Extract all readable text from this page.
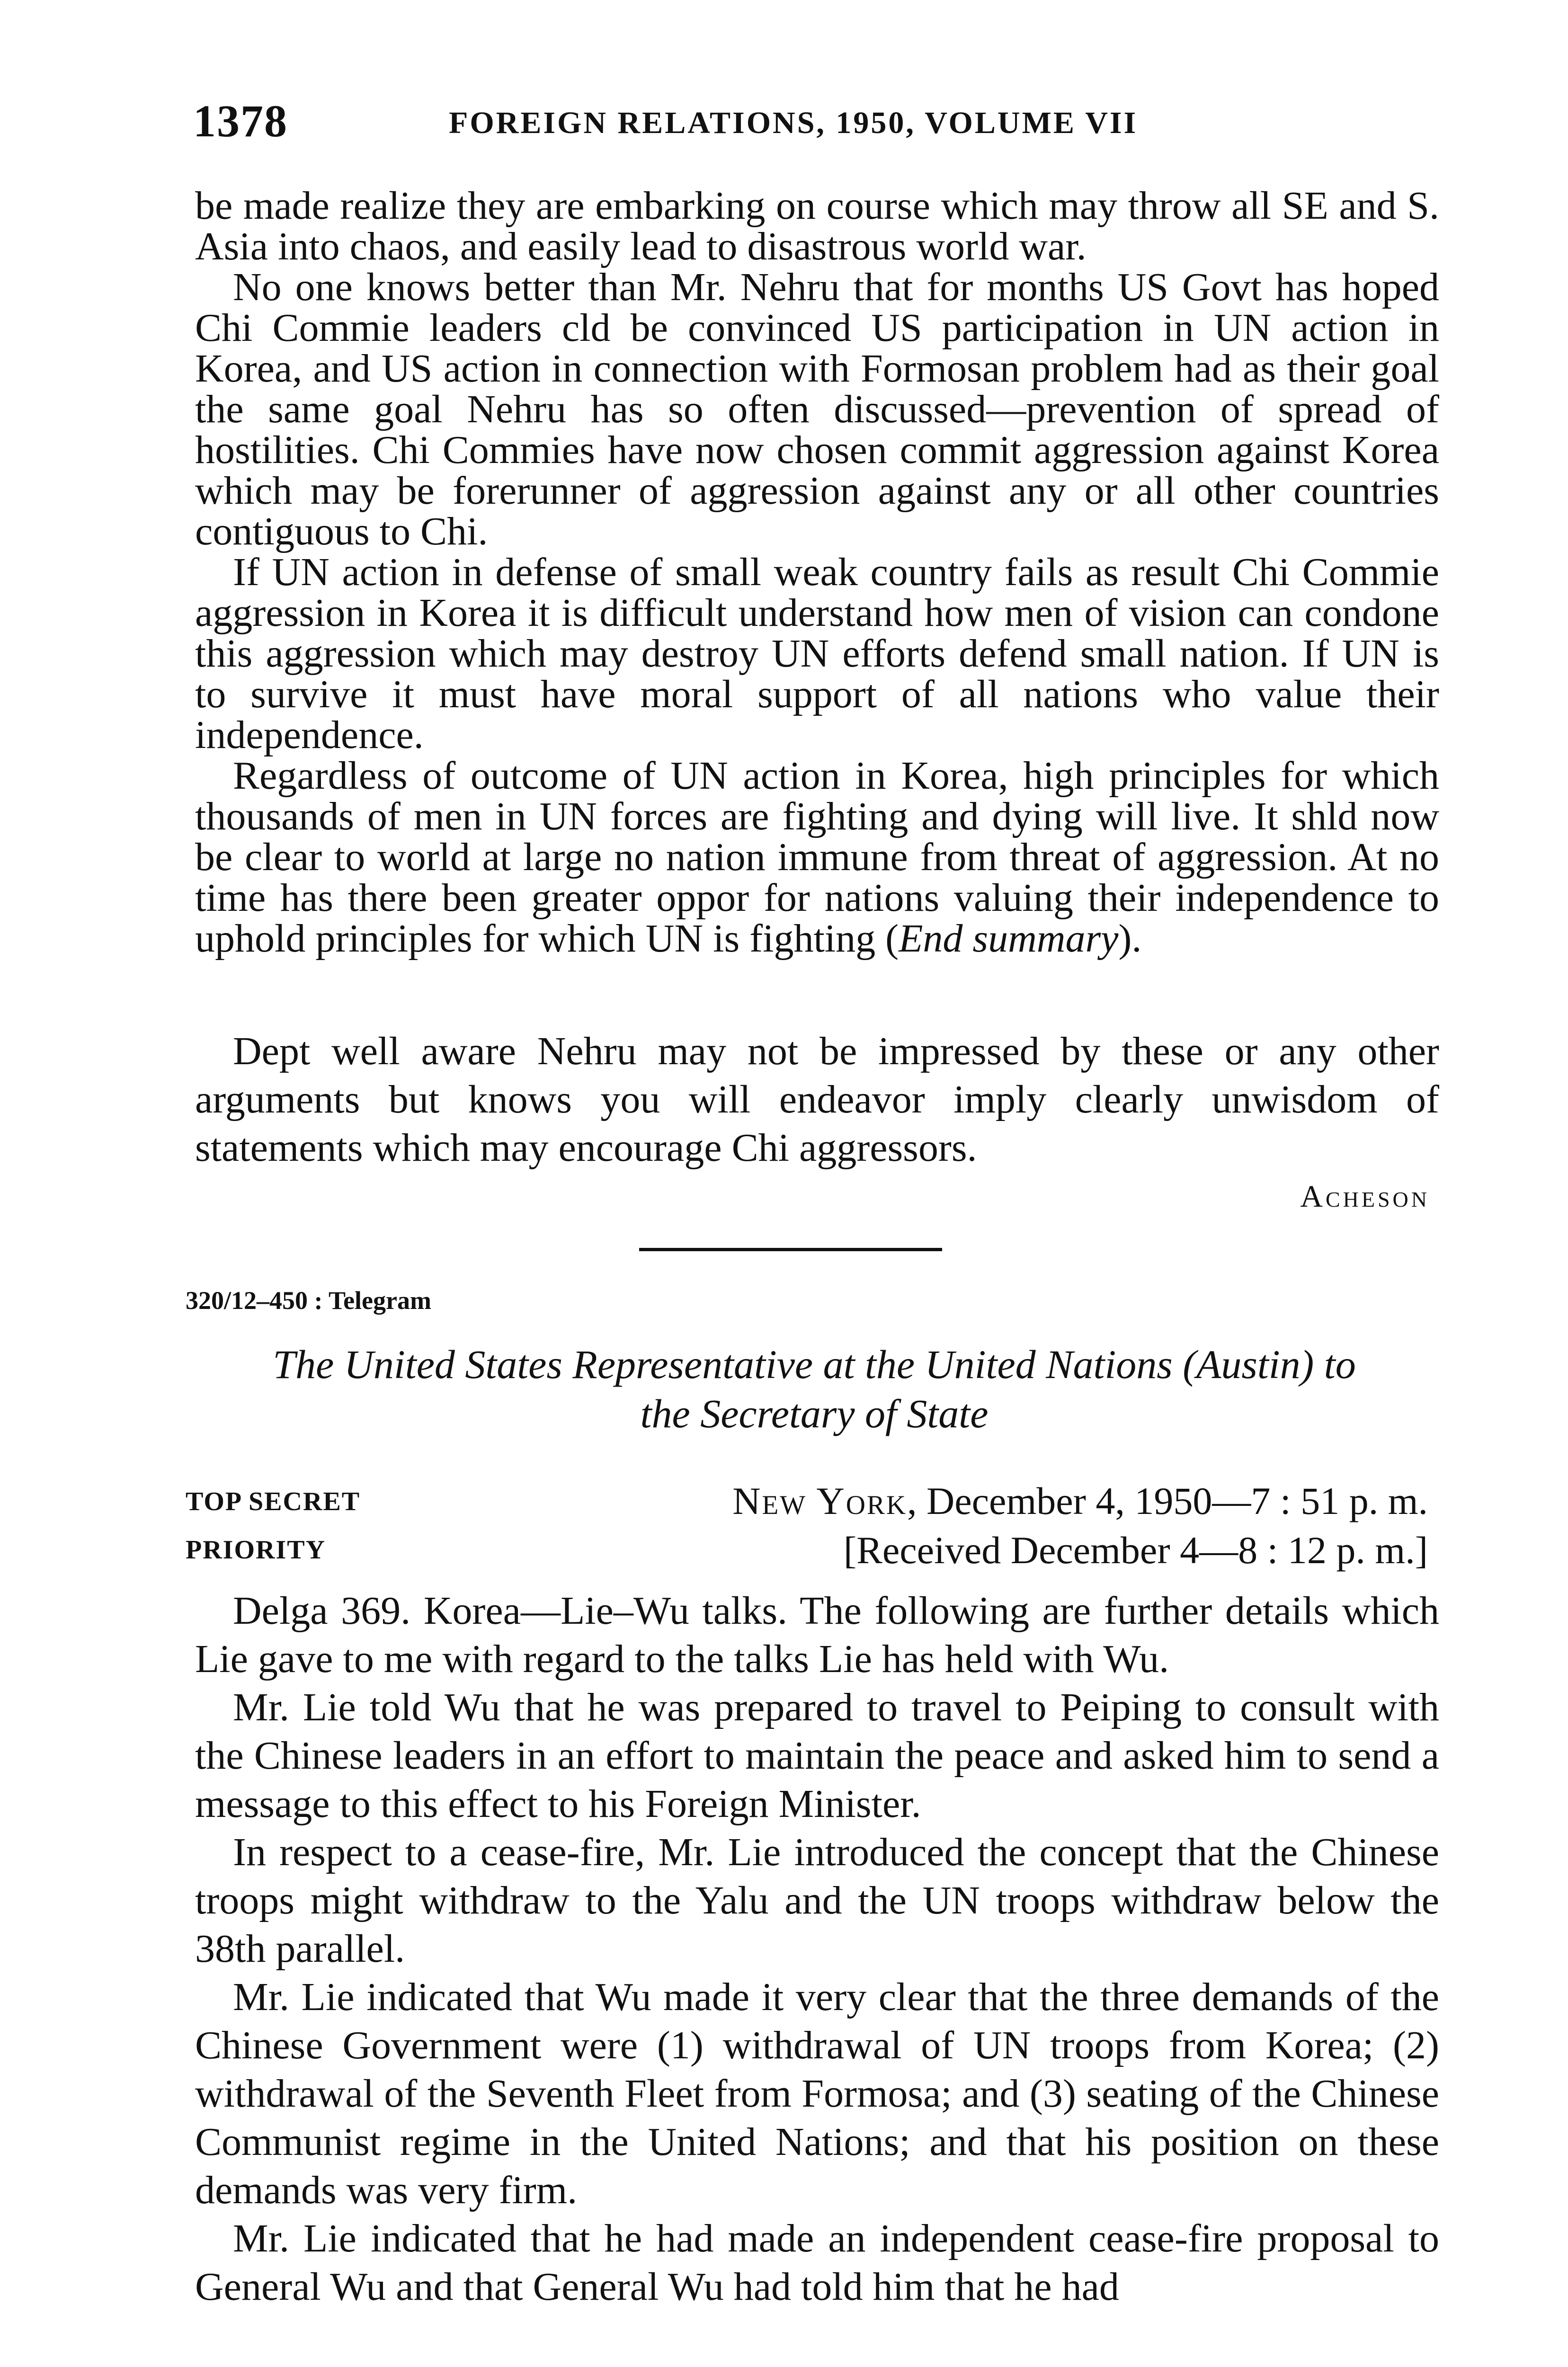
1378	FOREIGN RELATIONS, 1950, VOLUME VII

be made realize they are embarking on course which may throw all SE and S. Asia into chaos, and easily lead to disastrous world war.

No one knows better than Mr. Nehru that for months US Govt has hoped Chi Commie leaders cld be convinced US participation in UN action in Korea, and US action in connection with Formosan problem had as their goal the same goal Nehru has so often discussed—prevention of spread of hostilities. Chi Commies have now chosen commit aggression against Korea which may be forerunner of aggression against any or all other countries contiguous to Chi.

If UN action in defense of small weak country fails as result Chi Commie aggression in Korea it is difficult understand how men of vision can condone this aggression which may destroy UN efforts defend small nation. If UN is to survive it must have moral support of all nations who value their independence.

Regardless of outcome of UN action in Korea, high principles for which thousands of men in UN forces are fighting and dying will live. It shld now be clear to world at large no nation immune from threat of aggression. At no time has there been greater oppor for nations valuing their independence to uphold principles for which UN is fighting (End summary).

Dept well aware Nehru may not be impressed by these or any other arguments but knows you will endeavor imply clearly unwisdom of statements which may encourage Chi aggressors.

Acheson
320/12–450 : Telegram
The United States Representative at the United Nations (Austin) to
the Secretary of State
TOP SECRET
PRIORITY
New York, December 4, 1950—7 : 51 p. m.
[Received December 4—8 : 12 p. m.]

Delga 369. Korea—Lie–Wu talks. The following are further details which Lie gave to me with regard to the talks Lie has held with Wu.

Mr. Lie told Wu that he was prepared to travel to Peiping to consult with the Chinese leaders in an effort to maintain the peace and asked him to send a message to this effect to his Foreign Minister.

In respect to a cease-fire, Mr. Lie introduced the concept that the Chinese troops might withdraw to the Yalu and the UN troops withdraw below the 38th parallel.

Mr. Lie indicated that Wu made it very clear that the three demands of the Chinese Government were (1) withdrawal of UN troops from Korea; (2) withdrawal of the Seventh Fleet from Formosa; and (3) seating of the Chinese Communist regime in the United Nations; and that his position on these demands was very firm.

Mr. Lie indicated that he had made an independent cease-fire proposal to General Wu and that General Wu had told him that he had
